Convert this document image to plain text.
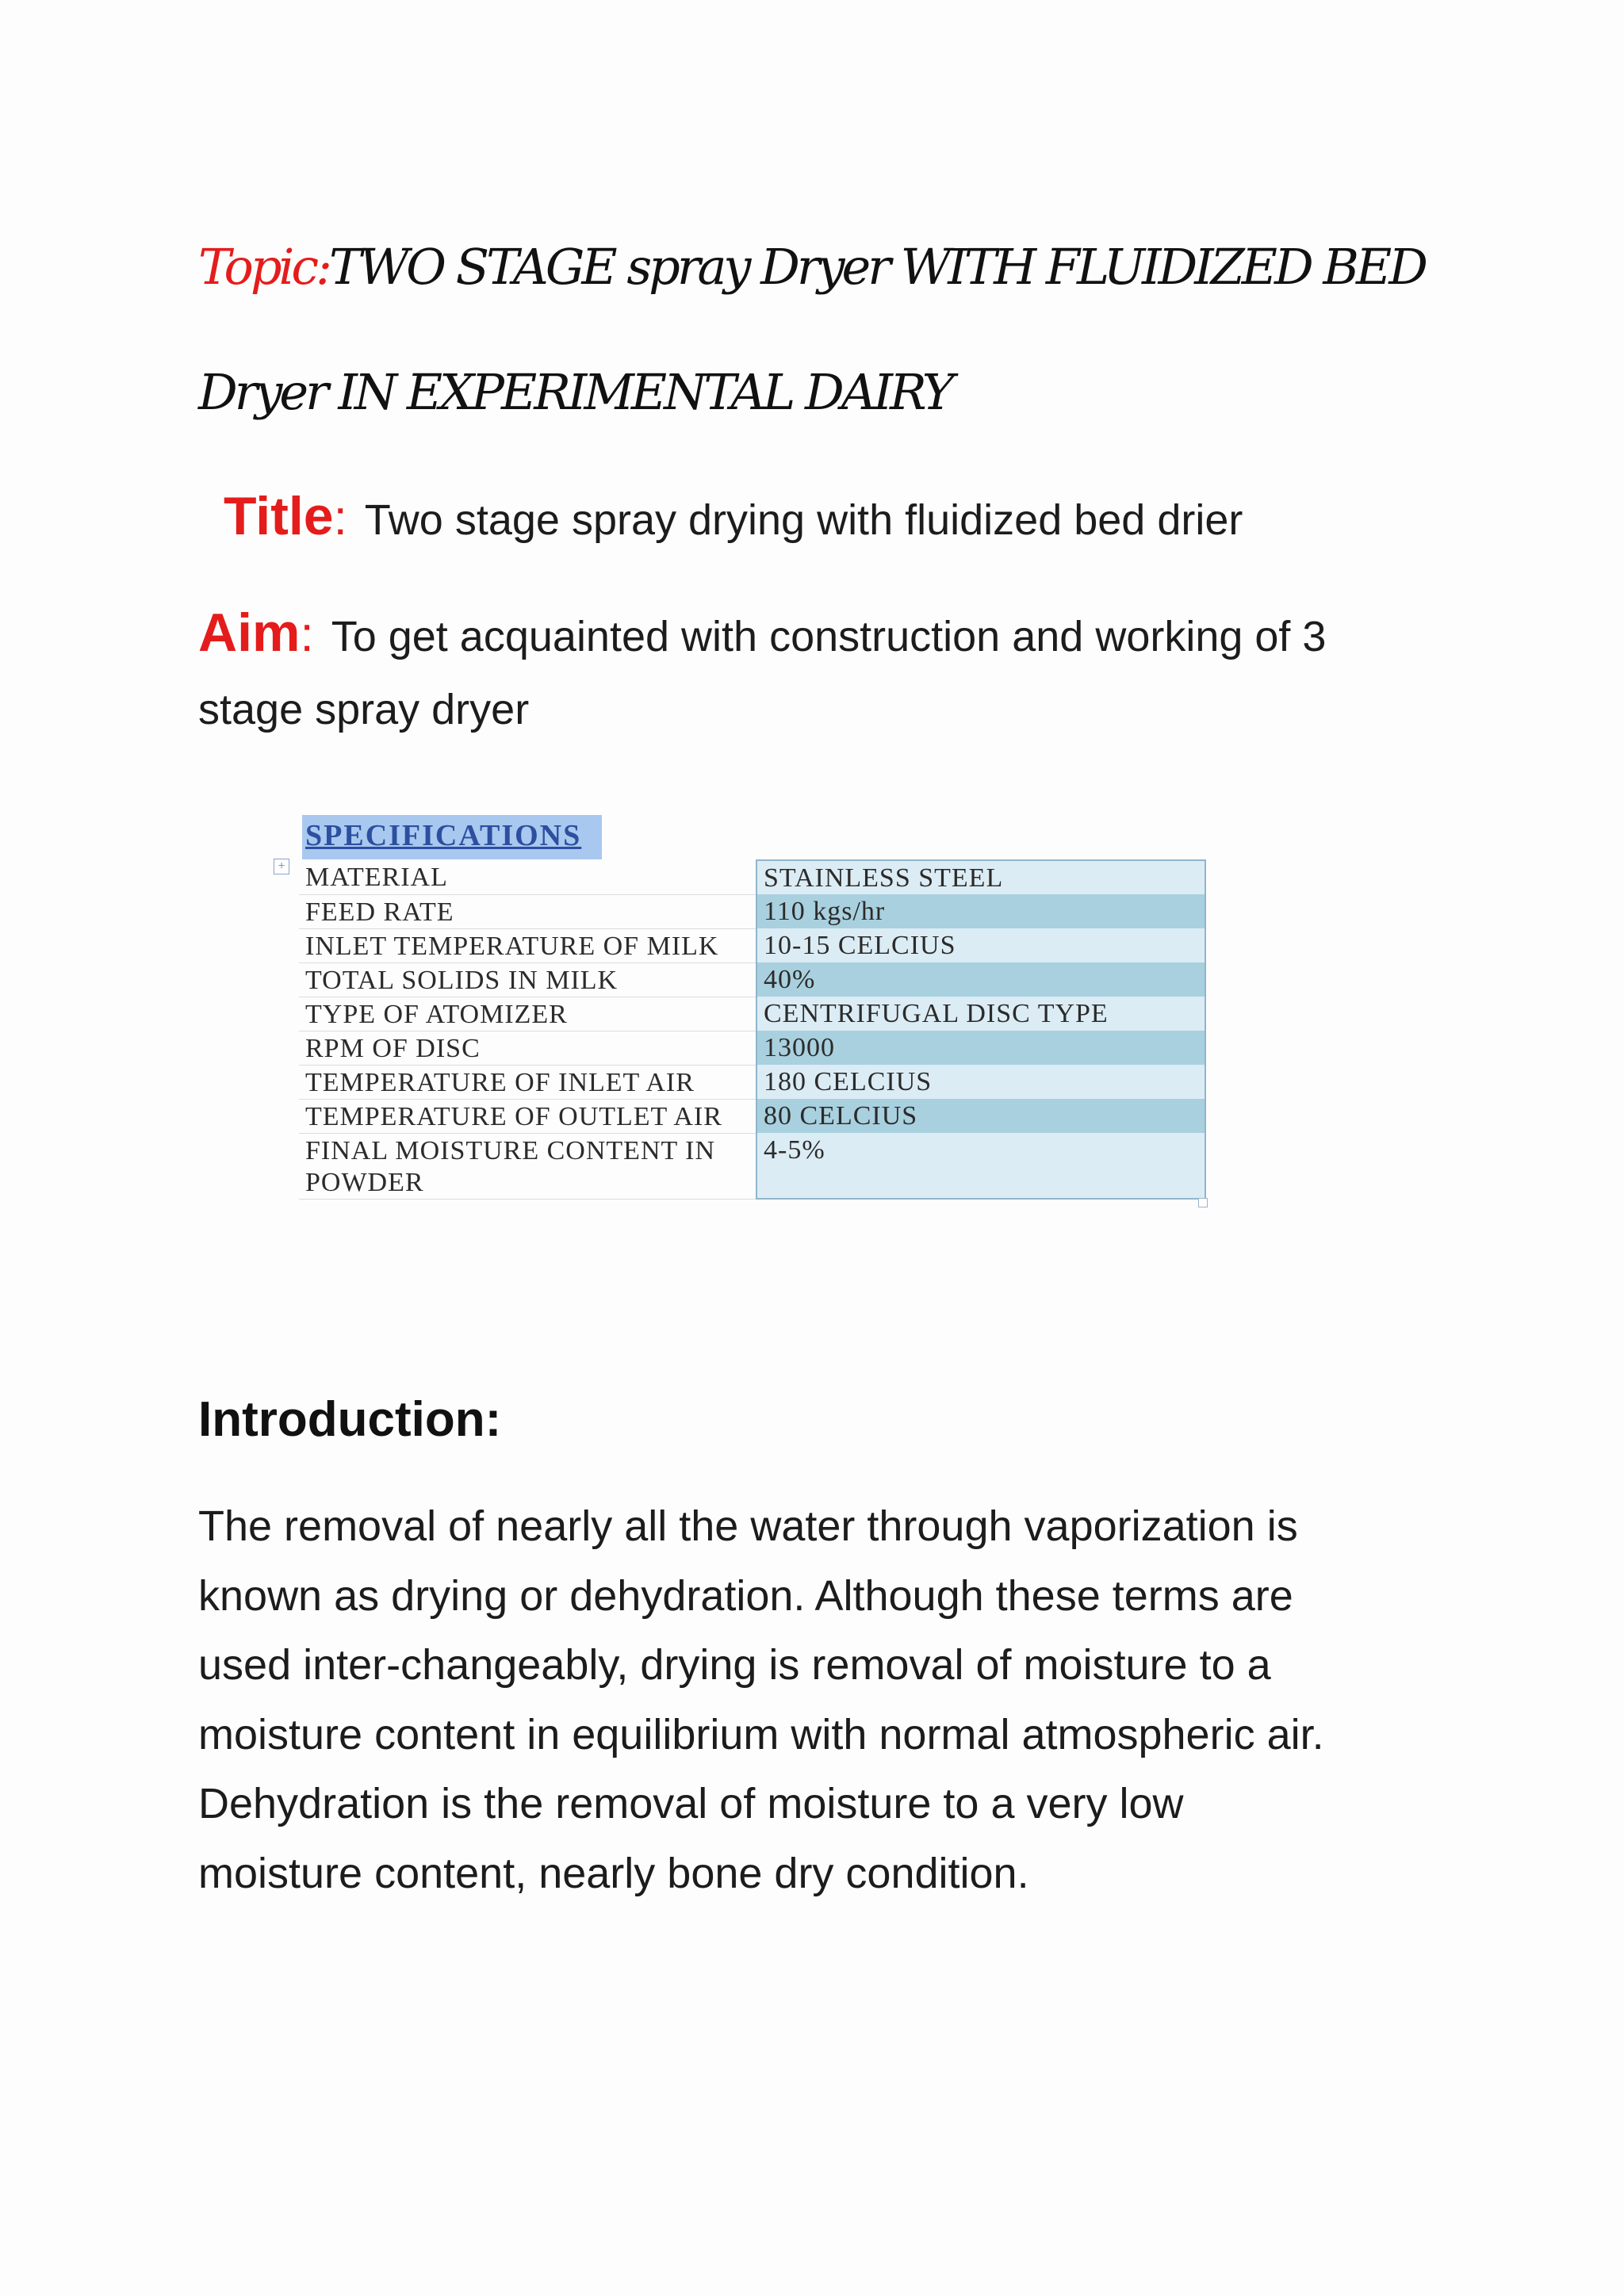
Topic:TWO STAGE spray Dryer WITH FLUIDIZED BED
Dryer IN EXPERIMENTAL DAIRY
Title: Two stage spray drying with fluidized bed drier
Aim: To get acquainted with construction and working of 3
stage spray dryer
SPECIFICATIONS
+ MATERIAL	STAINLESS STEEL
FEED RATE	110 kgs/hr
INLET TEMPERATURE OF MILK	10-15 CELCIUS
TOTAL SOLIDS IN MILK	40%
TYPE OF ATOMIZER	CENTRIFUGAL DISC TYPE
RPM OF DISC	13000
TEMPERATURE OF INLET AIR	180 CELCIUS
TEMPERATURE OF OUTLET AIR	80 CELCIUS
FINAL MOISTURE CONTENT IN POWDER	4-5%
Introduction:
The removal of nearly all the water through vaporization is
known as drying or dehydration. Although these terms are
used inter-changeably, drying is removal of moisture to a
moisture content in equilibrium with normal atmospheric air.
Dehydration is the removal of moisture to a very low
moisture content, nearly bone dry condition.
